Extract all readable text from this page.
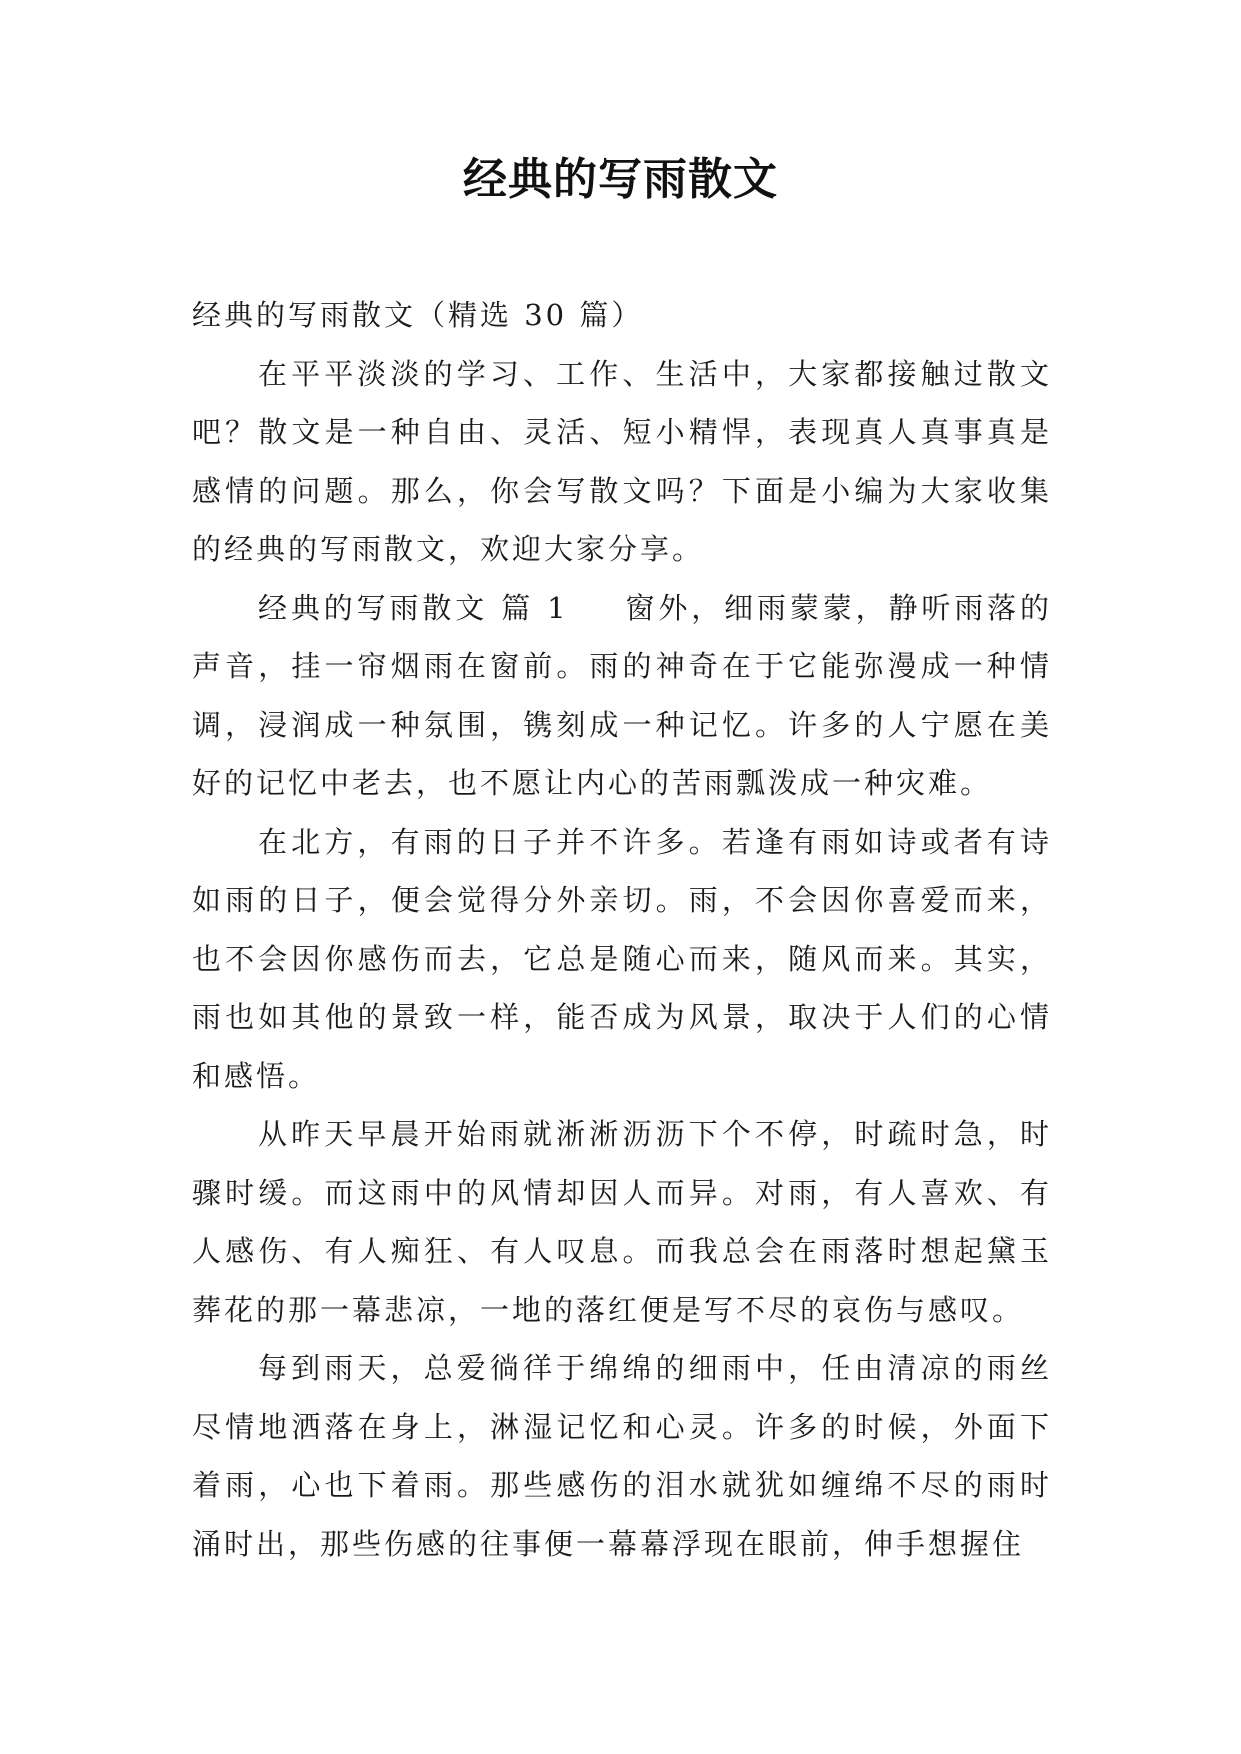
经典的写雨散文

经典的写雨散文（精选 30 篇）

在平平淡淡的学习、工作、生活中，大家都接触过散文吧？散文是一种自由、灵活、短小精悍，表现真人真事真是感情的问题。那么，你会写散文吗？下面是小编为大家收集的经典的写雨散文，欢迎大家分享。

经典的写雨散文 篇 1 窗外，细雨蒙蒙，静听雨落的声音，挂一帘烟雨在窗前。雨的神奇在于它能弥漫成一种情调，浸润成一种氛围，镌刻成一种记忆。许多的人宁愿在美好的记忆中老去，也不愿让内心的苦雨瓢泼成一种灾难。

在北方，有雨的日子并不许多。若逢有雨如诗或者有诗如雨的日子，便会觉得分外亲切。雨，不会因你喜爱而来，也不会因你感伤而去，它总是随心而来，随风而来。其实，雨也如其他的景致一样，能否成为风景，取决于人们的心情和感悟。

从昨天早晨开始雨就淅淅沥沥下个不停，时疏时急，时骤时缓。而这雨中的风情却因人而异。对雨，有人喜欢、有人感伤、有人痴狂、有人叹息。而我总会在雨落时想起黛玉葬花的那一幕悲凉，一地的落红便是写不尽的哀伤与感叹。

每到雨天，总爱徜徉于绵绵的细雨中，任由清凉的雨丝尽情地洒落在身上，淋湿记忆和心灵。许多的时候，外面下着雨，心也下着雨。那些感伤的泪水就犹如缠绵不尽的雨时涌时出，那些伤感的往事便一幕幕浮现在眼前，伸手想握住
